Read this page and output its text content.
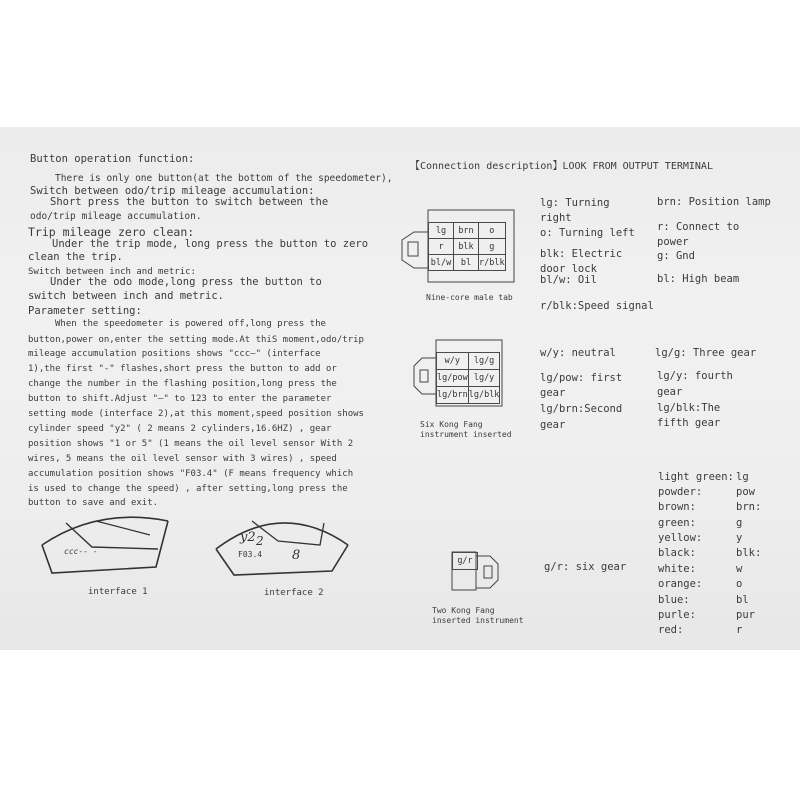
Button operation function:
There is only one button(at the bottom of the speedometer),
Switch between odo/trip mileage accumulation:
Short press the button to switch between the
odo/trip mileage accumulation.
Trip mileage zero clean:
Under the trip mode, long press the button to zero
clean the trip.
Switch between inch and metric:
Under the odo mode,long press the button to
switch between inch and metric.
Parameter setting:
When the speedometer is powered off,long press the
button,power on,enter the setting mode.At thiS moment,odo/trip
mileage accumulation positions shows "ccc—" (interface
1),the first "-" flashes,short press the button to add or
change the number in the flashing position,long press the
button to shift.Adjust "—" to 123 to enter the parameter
setting mode (interface 2),at this moment,speed position shows
cylinder speed "y2" ( 2 means 2 cylinders,16.6HZ) , gear
position shows "1 or 5" (1 means the oil level sensor With 2
wires, 5 means the oil level sensor with 3 wires) , speed
accumulation position shows "F03.4" (F means frequency which
is used to change the speed) , after setting,long press the
button to save and exit.
ccc-- -
interface 1
y2 2
8
F03.4
interface 2
【Connection description】LOOK FROM OUTPUT TERMINAL
lg	brn	o
r	blk	g
bl/w	bl	r/blk
Nine-core male tab
lg: Turning
right
o: Turning left
blk: Electric
door lock
bl/w: Oil
brn: Position lamp
r: Connect to
power
g: Gnd
bl: High beam
r/blk:Speed signal
w/y	lg/g
lg/pow	lg/y
lg/brn	lg/blk
Six Kong Fang
instrument inserted
w/y: neutral
lg/pow: first
gear
lg/brn:Second
gear
lg/g: Three gear
lg/y: fourth
gear
lg/blk:The
fifth gear
g/r
Two Kong Fang
inserted instrument
g/r: six gear
light green: lg
powder:	pow
brown:	brn:
green:	g
yellow:	y
black:	blk:
white:	w
orange:	o
blue:	bl
purle:	pur
red:	r
